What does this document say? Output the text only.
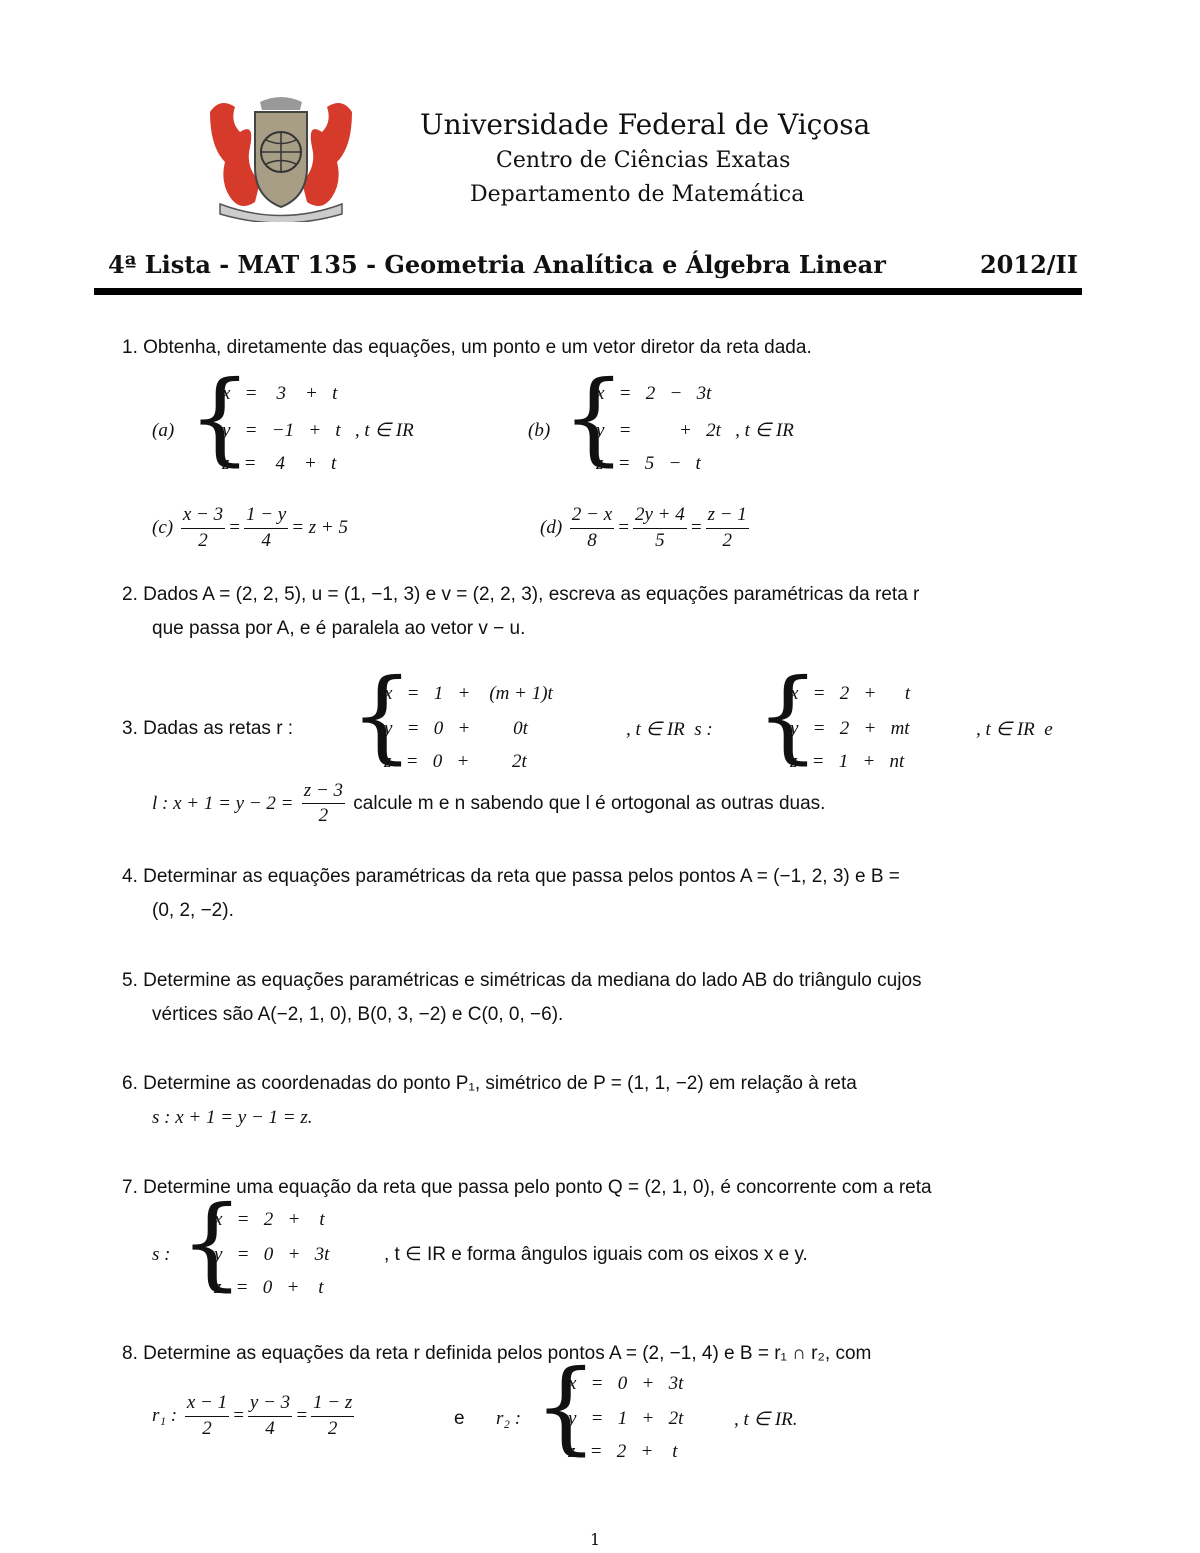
Universidade Federal de Viçosa
Centro de Ciências Exatas
Departamento de Matemática
4ª Lista - MAT 135 - Geometria Analítica e Álgebra Linear	2012/II
1. Obtenha, diretamente das equações, um ponto e um vetor diretor da reta dada.
(a) {
x   =    3    +   t
y   =   −1   +   t   , t ∈ IR
z   =    4    +   t
(b) {
x   =   2   −   3t
y   =          +   2t   , t ∈ IR
z   =   5   −   t
$(c) \frac{x - 3}{2} = \frac{1 - y}{4} = z + 5$	$(d) \frac{2 - x}{8} = \frac{2y + 4}{5} = \frac{z - 1}{2}$
2. Dados A = (2, 2, 5), u = (1, −1, 3) e v = (2, 2, 3), escreva as equações paramétricas da reta r
que passa por A, e é paralela ao vetor v − u.
3. Dadas as retas r : {
x   =   1   +    (m + 1)t
y   =   0   +         0t
z   =   0   +         2t
, t ∈ IR  s : {
x   =   2   +      t
y   =   2   +   mt
z   =   1   +   nt
, t ∈ IR  e
l : $x + 1 = y - 2 = \frac{z - 3}{2}$ calcule m e n sabendo que l é ortogonal as outras duas.
4. Determinar as equações paramétricas da reta que passa pelos pontos A = (−1, 2, 3) e B =
(0, 2, −2).
5. Determine as equações paramétricas e simétricas da mediana do lado AB do triângulo cujos
vértices são A(−2, 1, 0), B(0, 3, −2) e C(0, 0, −6).
6. Determine as coordenadas do ponto P₁, simétrico de P = (1, 1, −2) em relação à reta
s : x + 1 = y − 1 = z.
7. Determine uma equação da reta que passa pelo ponto Q = (2, 1, 0), é concorrente com a reta
s : {
x   =   2   +    t
y   =   0   +   3t
z   =   0   +    t
, t ∈ IR e forma ângulos iguais com os eixos x e y.
8. Determine as equações da reta r definida pelos pontos A = (2, −1, 4) e B = r₁ ∩ r₂, com
r₁ : $\frac{x - 1}{2} = \frac{y - 3}{4} = \frac{1 - z}{2}$	e r₂ : {
x   =   0   +   3t
y   =   1   +   2t
z   =   2   +    t
, t ∈ IR.
1
